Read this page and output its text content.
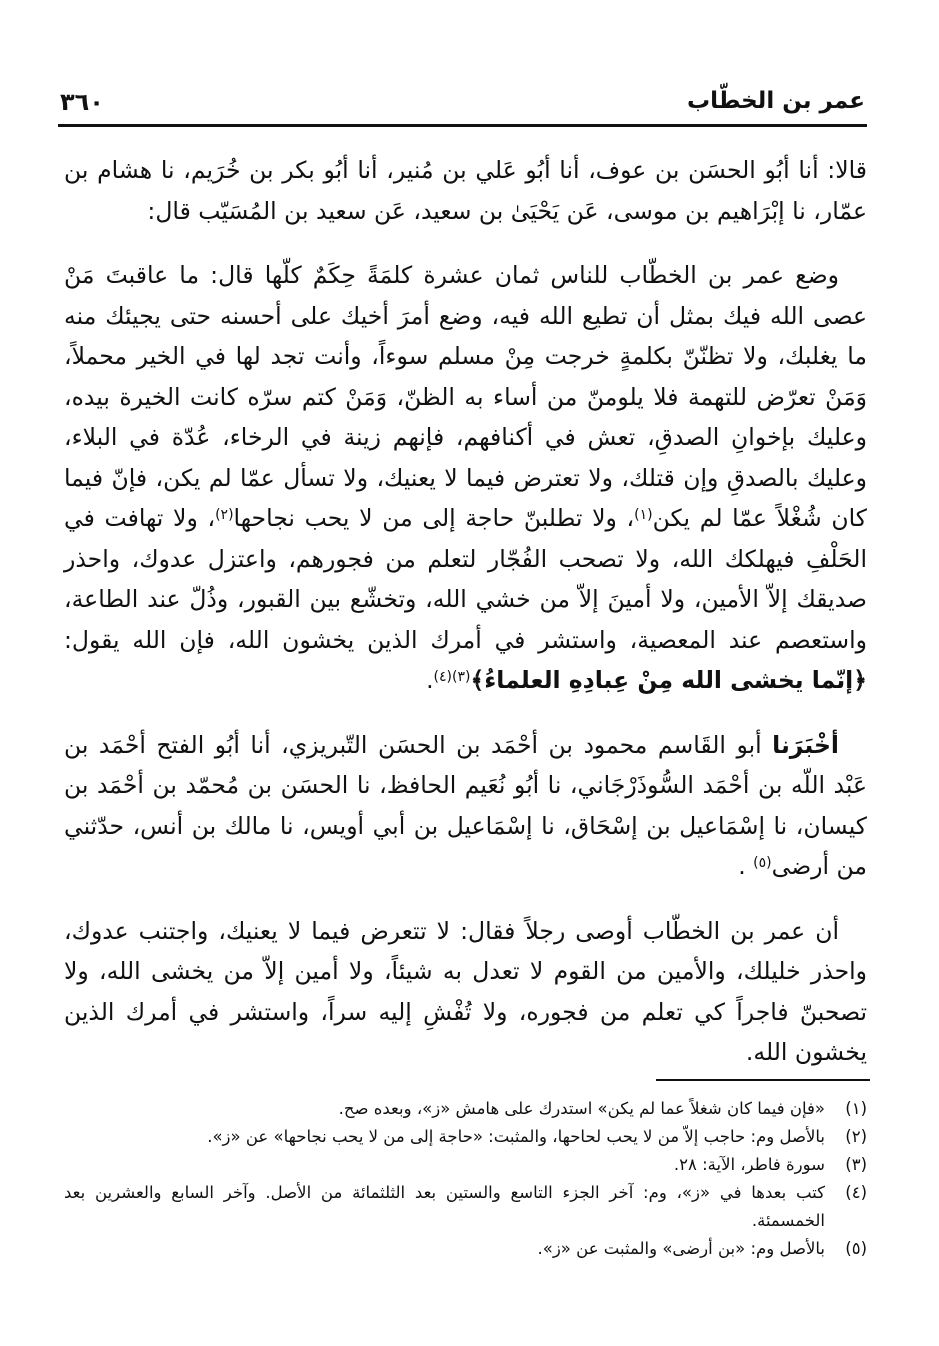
عمر بن الخطّاب
٣٦٠

قالا: أنا أبُو الحسَن بن عوف، أنا أبُو عَلي بن مُنير، أنا أبُو بكر بن خُرَيم، نا هشام بن عمّار، نا إبْرَاهيم بن موسى، عَن يَحْيَىٰ بن سعيد، عَن سعيد بن المُسَيّب قال:

وضع عمر بن الخطّاب للناس ثمان عشرة كلمَةً حِكَمٌ كلّها قال: ما عاقبتَ مَنْ عصى الله فيك بمثل أن تطيع الله فيه، وضع أمرَ أخيك على أحسنه حتى يجيئك منه ما يغلبك، ولا تظنّنّ بكلمةٍ خرجت مِنْ مسلم سوءاً، وأنت تجد لها في الخير محملاً، وَمَنْ تعرّض للتهمة فلا يلومنّ من أساء به الظنّ، وَمَنْ كتم سرّه كانت الخيرة بيده، وعليك بإخوانِ الصدقِ، تعش في أكنافهم، فإنهم زينة في الرخاء، عُدّة في البلاء، وعليك بالصدقِ وإن قتلك، ولا تعترض فيما لا يعنيك، ولا تسأل عمّا لم يكن، فإنّ فيما كان شُغْلاً عمّا لم يكن$^{(١)}$، ولا تطلبنّ حاجة إلى من لا يحب نجاحها$^{(٢)}$، ولا تهافت في الحَلْفِ فيهلكك الله، ولا تصحب الفُجّار لتعلم من فجورهم، واعتزل عدوك، واحذر صديقك إلاّ الأمين، ولا أمينَ إلاّ من خشي الله، وتخشّع بين القبور، وذُلّ عند الطاعة، واستعصم عند المعصية، واستشر في أمرك الذين يخشون الله، فإن الله يقول: ﴿إنّما يخشى الله مِنْ عِبادِهِ العلماءُ﴾$^{(٣)(٤)}$.

أخْبَرَنا أبو القَاسم محمود بن أحْمَد بن الحسَن التّبريزي، أنا أبُو الفتح أحْمَد بن عَبْد اللّه بن أحْمَد السُّوذَرْجَاني، نا أبُو نُعَيم الحافظ، نا الحسَن بن مُحمّد بن أحْمَد بن كيسان، نا إسْمَاعيل بن إسْحَاق، نا إسْمَاعيل بن أبي أويس، نا مالك بن أنس، حدّثني من أرضى$^{(٥)}$ .

أن عمر بن الخطّاب أوصى رجلاً فقال: لا تتعرض فيما لا يعنيك، واجتنب عدوك، واحذر خليلك، والأمين من القوم لا تعدل به شيئاً، ولا أمين إلاّ من يخشى الله، ولا تصحبنّ فاجراً كي تعلم من فجوره، ولا تُفْشِ إليه سراً، واستشر في أمرك الذين يخشون الله.

(١)
«فإن فيما كان شغلاً عما لم يكن» استدرك على هامش «ز»، وبعده صح.
(٢)
بالأصل وم: حاجب إلاّ من لا يحب لحاحها، والمثبت: «حاجة إلى من لا يحب نجاحها» عن «ز».
(٣)
سورة فاطر، الآية: ٢٨.
(٤)
كتب بعدها في «ز»، وم: آخر الجزء التاسع والستين بعد الثلثمائة من الأصل. وآخر السابع والعشرين بعد الخمسمئة.
(٥)
بالأصل وم: «بن أرضى» والمثبت عن «ز».
